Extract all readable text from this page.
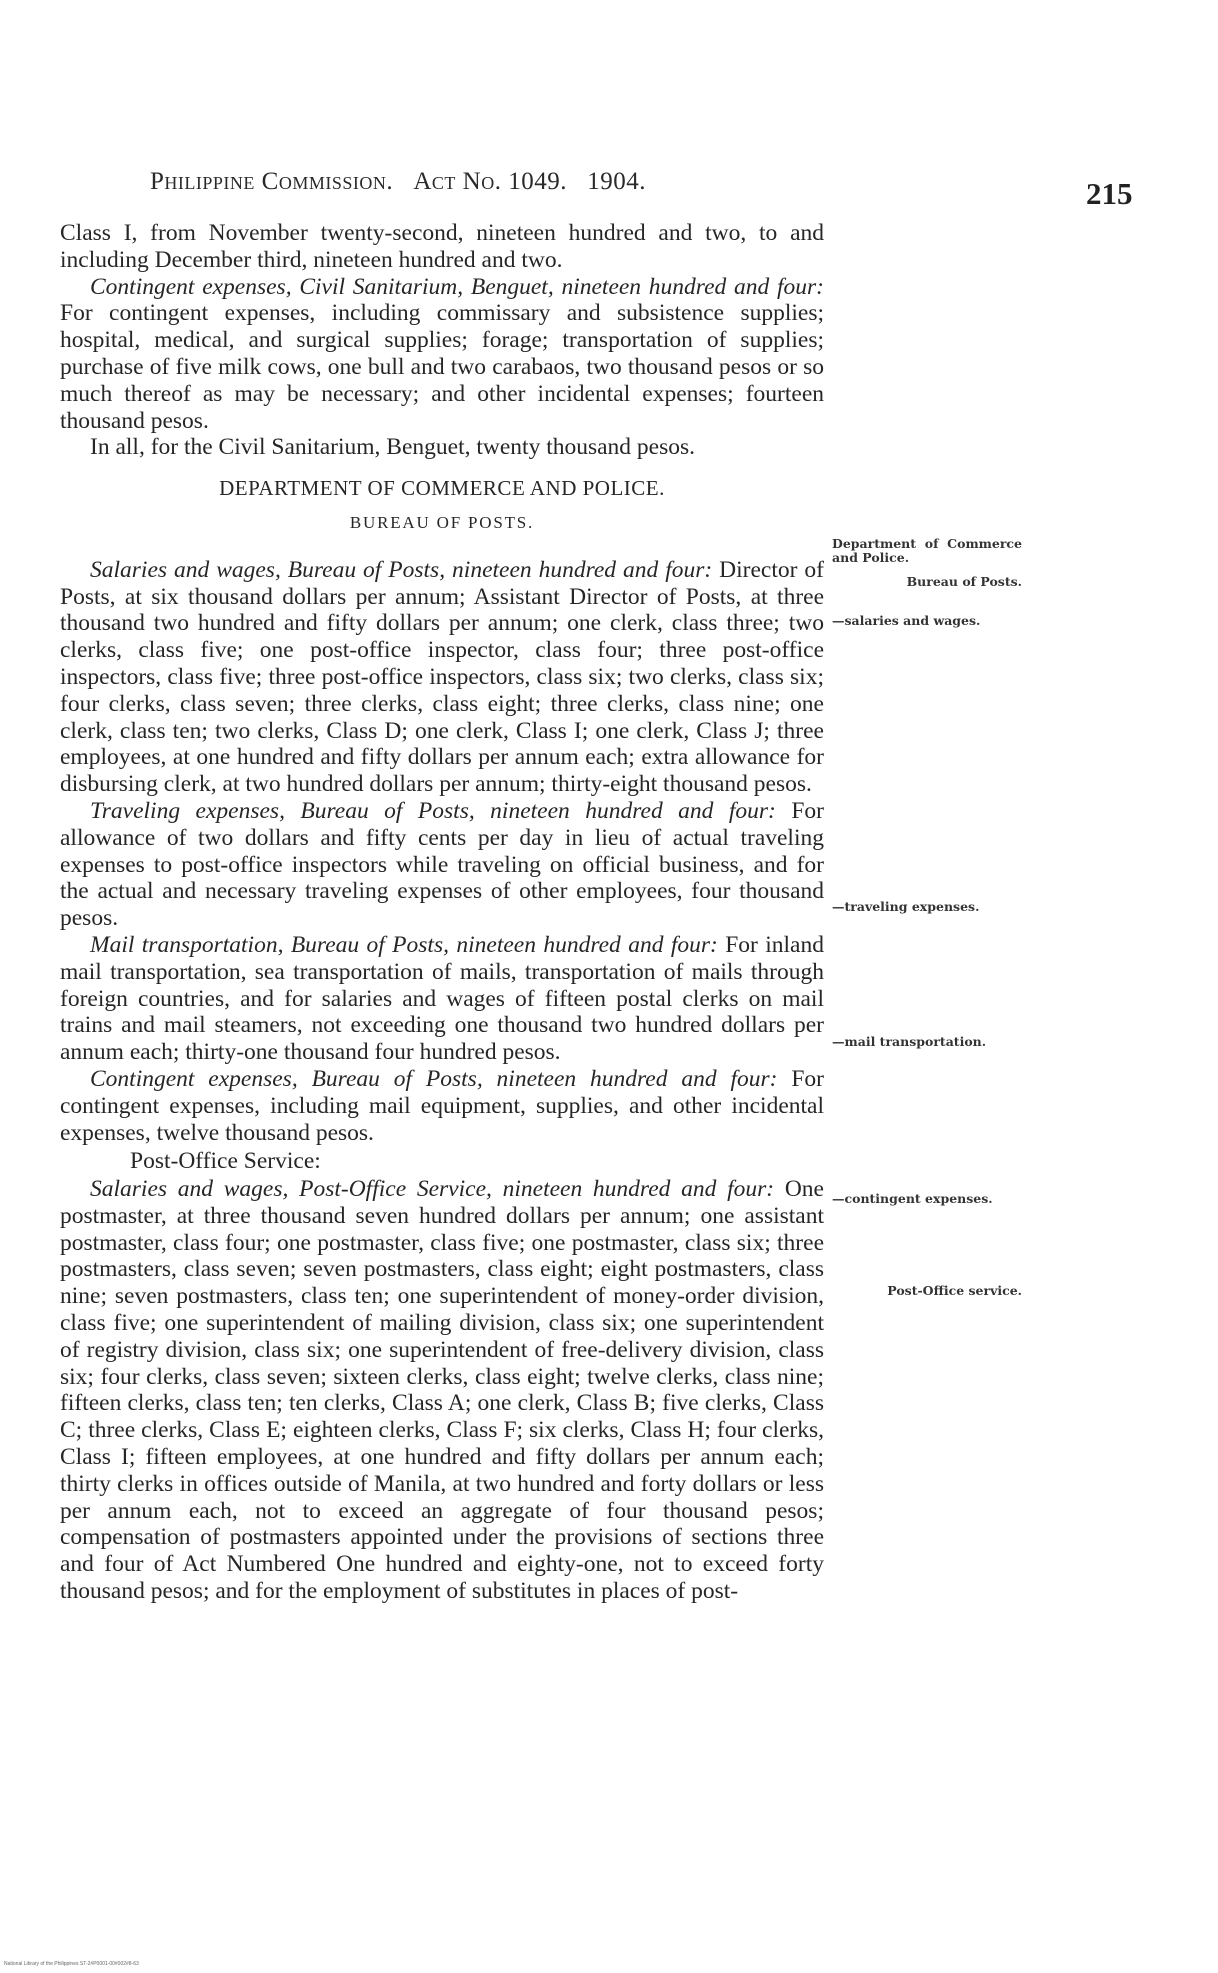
Philippine Commission. Act No. 1049. 1904.	215

Class I, from November twenty-second, nineteen hundred and two, to and including December third, nineteen hundred and two.

Contingent expenses, Civil Sanitarium, Benguet, nineteen hundred and four: For contingent expenses, including commissary and subsistence supplies; hospital, medical, and surgical supplies; forage; transportation of supplies; purchase of five milk cows, one bull and two carabaos, two thousand pesos or so much thereof as may be necessary; and other incidental expenses; fourteen thousand pesos.

In all, for the Civil Sanitarium, Benguet, twenty thousand pesos.

DEPARTMENT OF COMMERCE AND POLICE.

BUREAU OF POSTS.

Salaries and wages, Bureau of Posts, nineteen hundred and four: Director of Posts, at six thousand dollars per annum; Assistant Director of Posts, at three thousand two hundred and fifty dollars per annum; one clerk, class three; two clerks, class five; one post-office inspector, class four; three post-office inspectors, class five; three post-office inspectors, class six; two clerks, class six; four clerks, class seven; three clerks, class eight; three clerks, class nine; one clerk, class ten; two clerks, Class D; one clerk, Class I; one clerk, Class J; three employees, at one hundred and fifty dollars per annum each; extra allowance for disbursing clerk, at two hundred dollars per annum; thirty-eight thousand pesos.

Traveling expenses, Bureau of Posts, nineteen hundred and four: For allowance of two dollars and fifty cents per day in lieu of actual traveling expenses to post-office inspectors while traveling on official business, and for the actual and necessary traveling expenses of other employees, four thousand pesos.

Mail transportation, Bureau of Posts, nineteen hundred and four: For inland mail transportation, sea transportation of mails, transportation of mails through foreign countries, and for salaries and wages of fifteen postal clerks on mail trains and mail steamers, not exceeding one thousand two hundred dollars per annum each; thirty-one thousand four hundred pesos.

Contingent expenses, Bureau of Posts, nineteen hundred and four: For contingent expenses, including mail equipment, supplies, and other incidental expenses, twelve thousand pesos.

Post-Office Service:

Salaries and wages, Post-Office Service, nineteen hundred and four: One postmaster, at three thousand seven hundred dollars per annum; one assistant postmaster, class four; one postmaster, class five; one postmaster, class six; three postmasters, class seven; seven postmasters, class eight; eight postmasters, class nine; seven postmasters, class ten; one superintendent of money-order division, class five; one superintendent of mailing division, class six; one superintendent of registry division, class six; one superintendent of free-delivery division, class six; four clerks, class seven; sixteen clerks, class eight; twelve clerks, class nine; fifteen clerks, class ten; ten clerks, Class A; one clerk, Class B; five clerks, Class C; three clerks, Class E; eighteen clerks, Class F; six clerks, Class H; four clerks, Class I; fifteen employees, at one hundred and fifty dollars per annum each; thirty clerks in offices outside of Manila, at two hundred and forty dollars or less per annum each, not to exceed an aggregate of four thousand pesos; compensation of postmasters appointed under the provisions of sections three and four of Act Numbered One hundred and eighty-one, not to exceed forty thousand pesos; and for the employment of substitutes in places of post-

Department of Commerce and Police.
Bureau of Posts.
—salaries and wages.
—traveling expenses.
—mail transportation.
—contingent expenses.
Post-Office service.
National Library of the Philippines ST-2#P0001-00#002#8-63
